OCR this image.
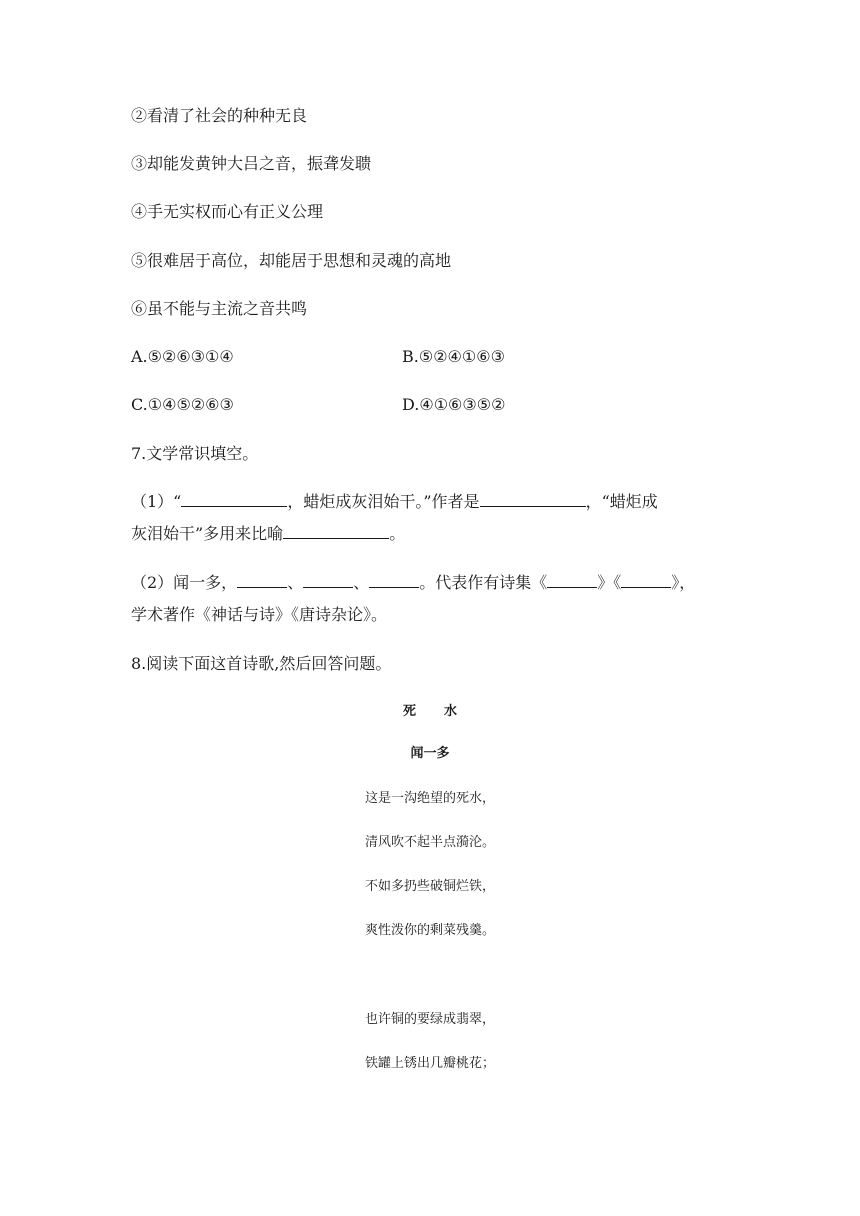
②看清了社会的种种无良
③却能发黄钟大吕之音，振聋发聩
④手无实权而心有正义公理
⑤很难居于高位，却能居于思想和灵魂的高地
⑥虽不能与主流之音共鸣
A.⑤②⑥③①④	B.⑤②④①⑥③
C.①④⑤②⑥③	D.④①⑥③⑤②
7.文学常识填空。
（1）“	，蜡炬成灰泪始干。”作者是	，“蜡炬成
灰泪始干”多用来比喻	。
（2）闻一多，	、	、	。代表作有诗集《	》《	》，
学术著作《神话与诗》《唐诗杂论》。
8.阅读下面这首诗歌,然后回答问题。
死 水
闻一多
这是一沟绝望的死水，
清风吹不起半点漪沦。
不如多扔些破铜烂铁，
爽性泼你的剩菜残羹。
也许铜的要绿成翡翠，
铁罐上锈出几瓣桃花；
